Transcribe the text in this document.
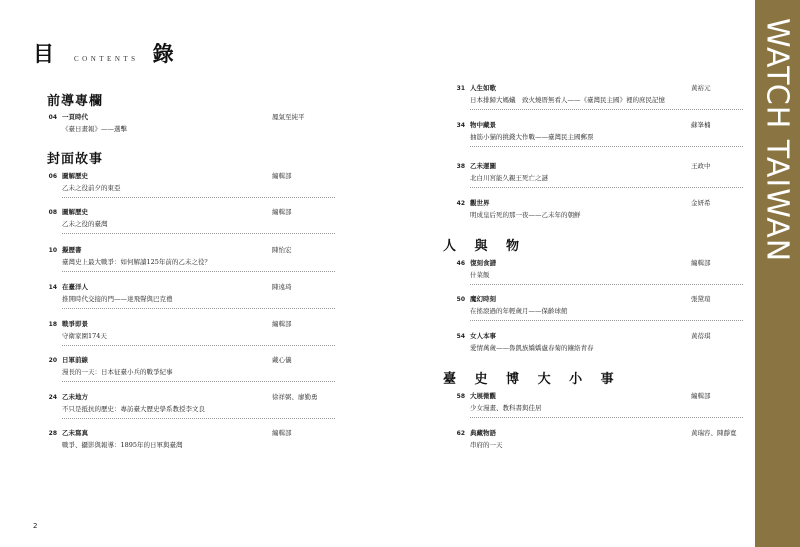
目	CONTENTS 錄
前導專欄
封面故事
04 一頁時代	鳳氣至純平
《臺日畫報》——選擊
06 圖解歷史	編輯部
乙未之役前夕的東亞
08 圖解歷史	編輯部
乙未之役的臺灣
10 擬歷書	陳怡宏
臺灣史上最大戰爭：如何解讀125年前的乙未之役？
14 在臺洋人	陳遠琦
推開時代交接的門——達飛聲與巴克禮
18 戰爭即景	編輯部
守衛家園174天
20 日軍前線	戴心儀
漫長的一天：日本征臺小兵的戰爭紀事
24 乙未地方	徐祥弼、廖勤勇
不只是抵抗的歷史：專訪臺大歷史學系教授李文良
28 乙未寫真	編輯部
戰爭、攝影與報導：1895年的日軍與臺灣
人 與 物
臺 史 博 大 小 事
31 人生如歌	黃裕元
日本排歸大媽蟻　致火燒厝無看人——《臺灣民主國》裡的庶民記憶
34 物中藏景	蘇峯楠
抽筋小猫的挑錢大作戰——臺灣民主國郵票
38 乙未運圖	王政中
北白川宮能久親王死亡之謎
42 觀世界	金妍希
明成皇后死的那一夜——乙未年的朝鮮
46 復刻食譜	編輯部
什菜飯
50 魔幻時刻	張黛瑄
在搖滾過的年輕歲月——保齡球館
54 女人本事	黃蓓琪
愛情萬歲——魯凱族嬌嬌盧春菊的鑲絡青春
58 大展微觀	編輯部
少女漫畫、教科書與佳居
62 典藏物語	黃瑞容、陳靜寬
串府的一天
2
WATCH TAIWAN
